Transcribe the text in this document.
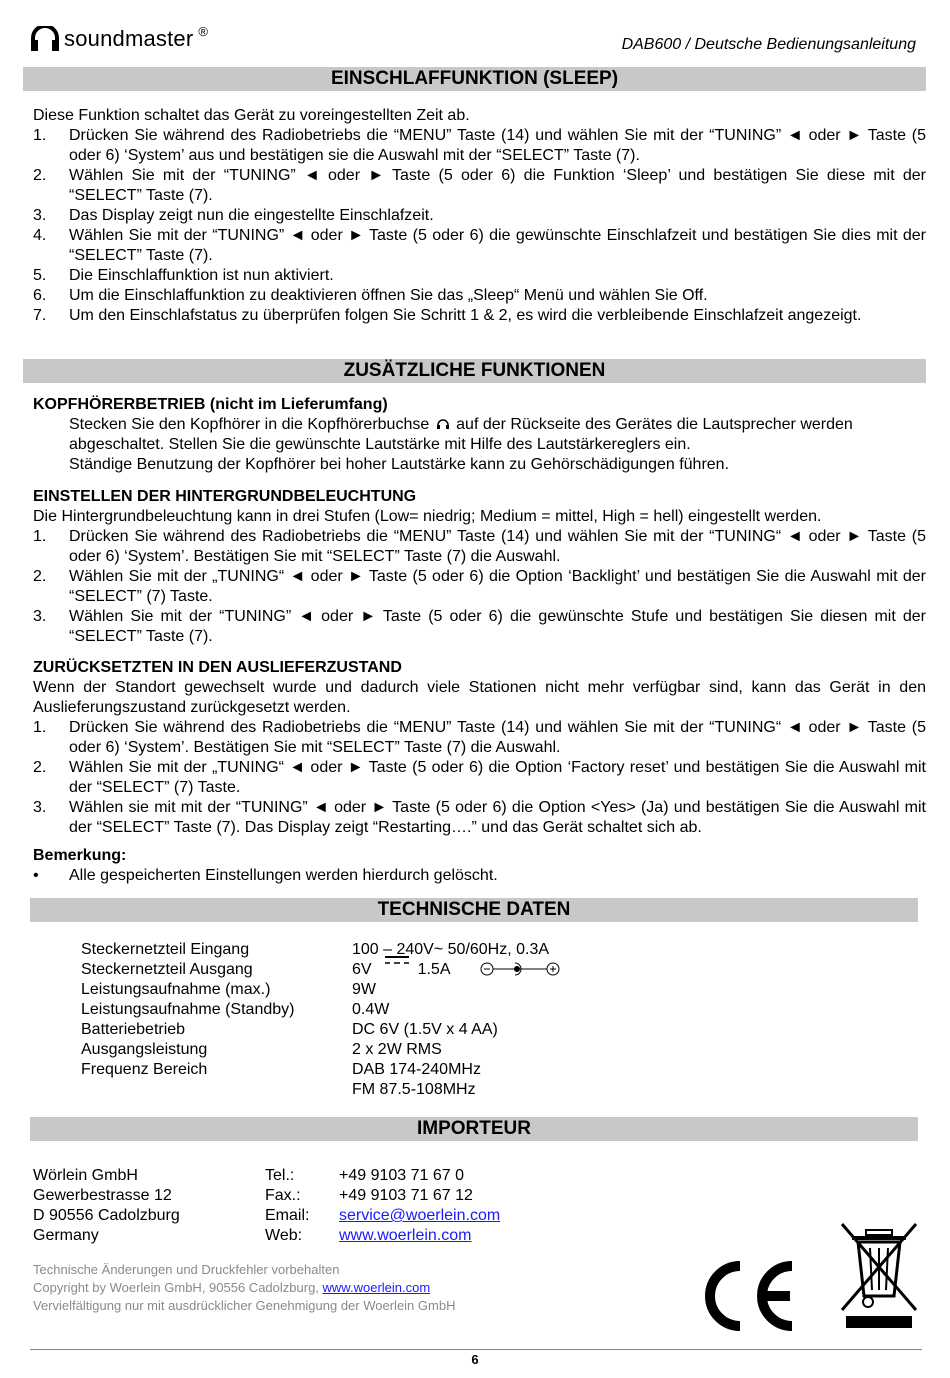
soundmaster ®
DAB600 / Deutsche Bedienungsanleitung
EINSCHLAFFUNKTION (SLEEP)
Diese Funktion schaltet das Gerät zu voreingestellten Zeit ab.
1. Drücken Sie während des Radiobetriebs die “MENU” Taste (14) und wählen Sie mit der “TUNING” ◄ oder ► Taste (5 oder 6) ‘System’ aus und bestätigen sie die Auswahl mit der “SELECT” Taste (7).
2. Wählen Sie mit der “TUNING” ◄ oder ► Taste (5 oder 6) die Funktion ‘Sleep’ und bestätigen Sie diese mit der “SELECT” Taste (7).
3. Das Display zeigt nun die eingestellte Einschlafzeit.
4. Wählen Sie mit der “TUNING” ◄ oder ► Taste (5 oder 6) die gewünschte Einschlafzeit und bestätigen Sie dies mit der “SELECT” Taste (7).
5. Die Einschlaffunktion ist nun aktiviert.
6. Um die Einschlaffunktion zu deaktivieren öffnen Sie das „Sleep“ Menü und wählen Sie Off.
7. Um den Einschlafstatus zu überprüfen folgen Sie Schritt 1 & 2, es wird die verbleibende Einschlafzeit angezeigt.
ZUSÄTZLICHE FUNKTIONEN
KOPFHÖRERBETRIEB (nicht im Lieferumfang)
Stecken Sie den Kopfhörer in die Kopfhörerbuchse auf der Rückseite des Gerätes die Lautsprecher werden abgeschaltet. Stellen Sie die gewünschte Lautstärke mit Hilfe des Lautstärkereglers ein.
Ständige Benutzung der Kopfhörer bei hoher Lautstärke kann zu Gehörschädigungen führen.
EINSTELLEN DER HINTERGRUNDBELEUCHTUNG
Die Hintergrundbeleuchtung kann in drei Stufen (Low= niedrig; Medium = mittel, High = hell) eingestellt werden.
1. Drücken Sie während des Radiobetriebs die “MENU” Taste (14) und wählen Sie mit der “TUNING“ ◄ oder ► Taste (5 oder 6) ‘System’. Bestätigen Sie mit “SELECT” Taste (7) die Auswahl.
2. Wählen Sie mit der „TUNING“ ◄ oder ► Taste (5 oder 6) die Option ‘Backlight’ und bestätigen Sie die Auswahl mit der “SELECT” (7) Taste.
3. Wählen Sie mit der “TUNING” ◄ oder ► Taste (5 oder 6) die gewünschte Stufe und bestätigen Sie diesen mit der “SELECT” Taste (7).
ZURÜCKSETZTEN IN DEN AUSLIEFERZUSTAND
Wenn der Standort gewechselt wurde und dadurch viele Stationen nicht mehr verfügbar sind, kann das Gerät in den Auslieferungszustand zurückgesetzt werden.
1. Drücken Sie während des Radiobetriebs die “MENU” Taste (14) und wählen Sie mit der “TUNING“ ◄ oder ► Taste (5 oder 6) ‘System’. Bestätigen Sie mit “SELECT” Taste (7) die Auswahl.
2. Wählen Sie mit der „TUNING“ ◄ oder ► Taste (5 oder 6) die Option ‘Factory reset’ und bestätigen Sie die Auswahl mit der “SELECT” (7) Taste.
3. Wählen sie mit mit der “TUNING” ◄ oder ► Taste (5 oder 6) die Option <Yes> (Ja) und bestätigen Sie die Auswahl mit der “SELECT” Taste (7). Das Display zeigt “Restarting….” und das Gerät schaltet sich ab.
Bemerkung:
• Alle gespeicherten Einstellungen werden hierdurch gelöscht.
TECHNISCHE DATEN
Steckernetzteil Eingang	100 – 240V~ 50/60Hz, 0.3A
Steckernetzteil Ausgang	6V	1.5A
Leistungsaufnahme (max.)	9W
Leistungsaufnahme (Standby)	0.4W
Batteriebetrieb	DC 6V (1.5V x 4 AA)
Ausgangsleistung	2 x 2W RMS
Frequenz Bereich	DAB 174-240MHz
FM 87.5-108MHz
IMPORTEUR
Wörlein GmbH	Tel.:	+49 9103 71 67 0
Gewerbestrasse 12	Fax.:	+49 9103 71 67 12
D 90556 Cadolzburg	Email:	service@woerlein.com
Germany	Web:	www.woerlein.com
Technische Änderungen und Druckfehler vorbehalten
Copyright by Woerlein GmbH, 90556 Cadolzburg, www.woerlein.com
Vervielfältigung nur mit ausdrücklicher Genehmigung der Woerlein GmbH
6
